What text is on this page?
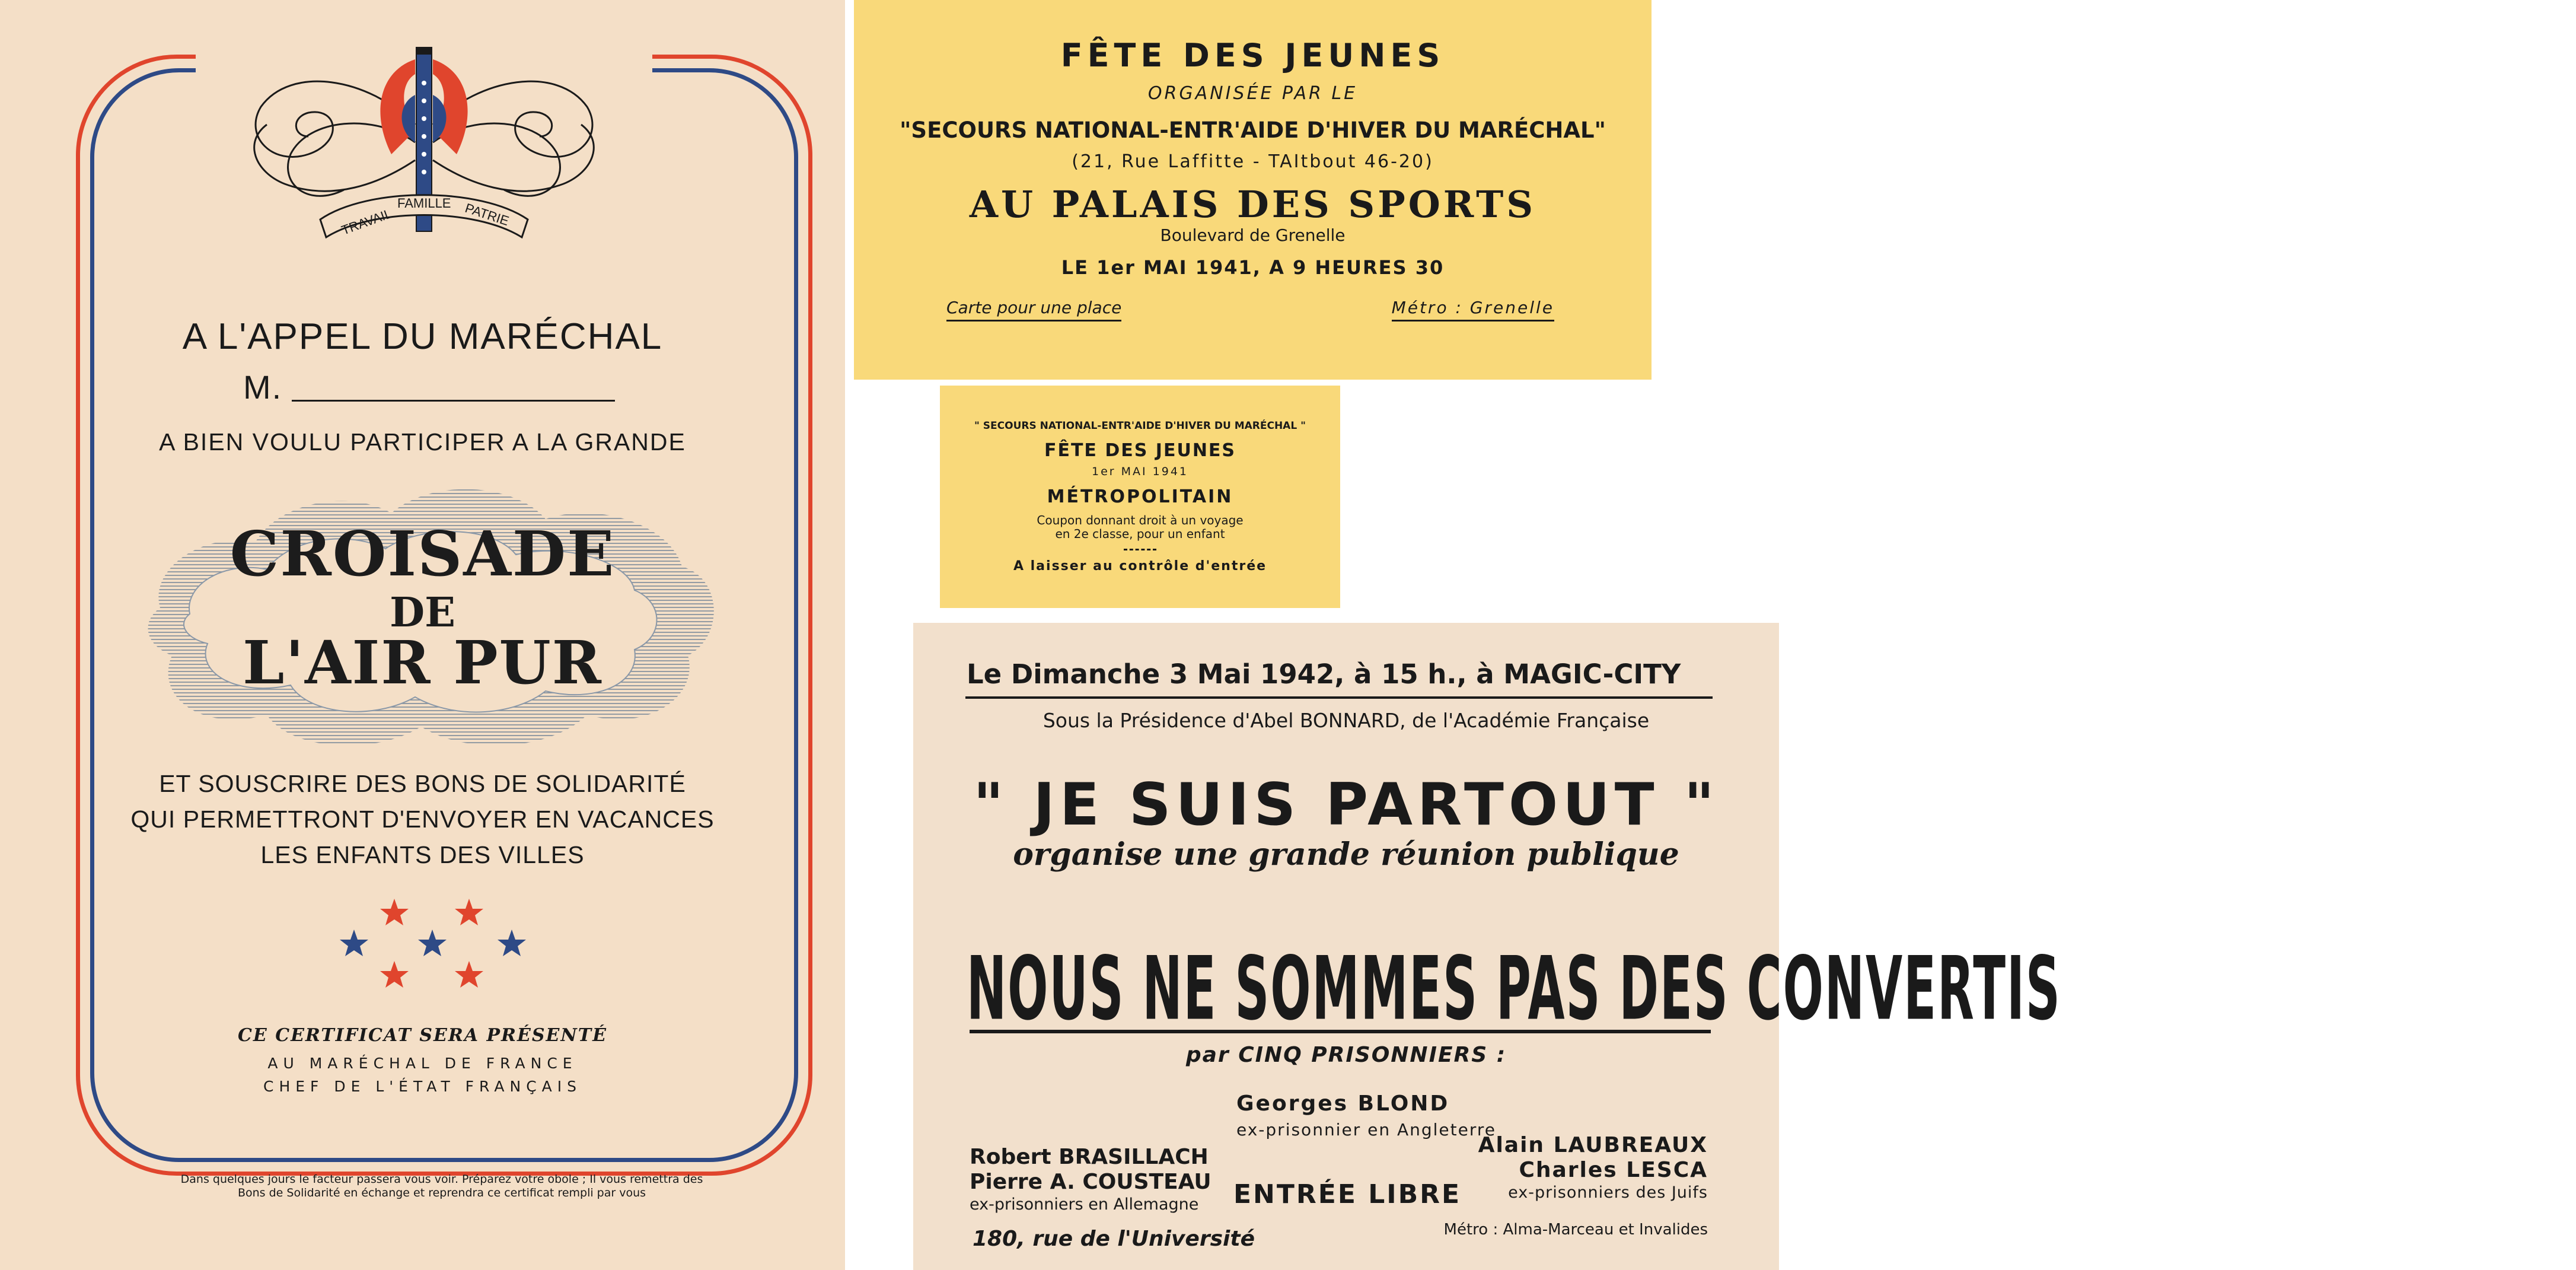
TRAVAIL
FAMILLE PATRIE
A L'APPEL DU MARÉCHAL
M.
A BIEN VOULU PARTICIPER A LA GRANDE
CROISADE
DE
L'AIR PUR
ET SOUSCRIRE DES BONS DE SOLIDARITÉ
QUI PERMETTRONT D'ENVOYER EN VACANCES
LES ENFANTS DES VILLES
CE CERTIFICAT SERA PRÉSENTÉ
AU MARÉCHAL DE FRANCE
CHEF DE L'ÉTAT FRANÇAIS
Dans quelques jours le facteur passera vous voir. Préparez votre obole ; Il vous remettra des Bons de Solidarité en échange et reprendra ce certificat rempli par vous
FÊTE DES JEUNES
ORGANISÉE PAR LE
"SECOURS NATIONAL-ENTR'AIDE D'HIVER DU MARÉCHAL"
(21, Rue Laffitte - TAItbout 46-20)
AU PALAIS DES SPORTS
Boulevard de Grenelle
LE 1er MAI 1941, A 9 HEURES 30
Carte pour une place	Métro : Grenelle
" SECOURS NATIONAL-ENTR'AIDE D'HIVER DU MARÉCHAL "
FÊTE DES JEUNES
1er MAI 1941
MÉTROPOLITAIN
Coupon donnant droit à un voyage
en 2e classe, pour un enfant
A laisser au contrôle d'entrée
Le Dimanche 3 Mai 1942, à 15 h., à MAGIC-CITY
Sous la Présidence d'Abel BONNARD, de l'Académie Française
" JE SUIS PARTOUT "
organise une grande réunion publique
NOUS NE SOMMES PAS DES CONVERTIS
par CINQ PRISONNIERS :
Georges BLOND
ex-prisonnier en Angleterre
Robert BRASILLACH
Pierre A. COUSTEAU
ex-prisonniers en Allemagne ENTRÉE LIBRE
Alain LAUBREAUX
Charles LESCA
ex-prisonniers des Juifs
180, rue de l'Université	Métro : Alma-Marceau et Invalides
